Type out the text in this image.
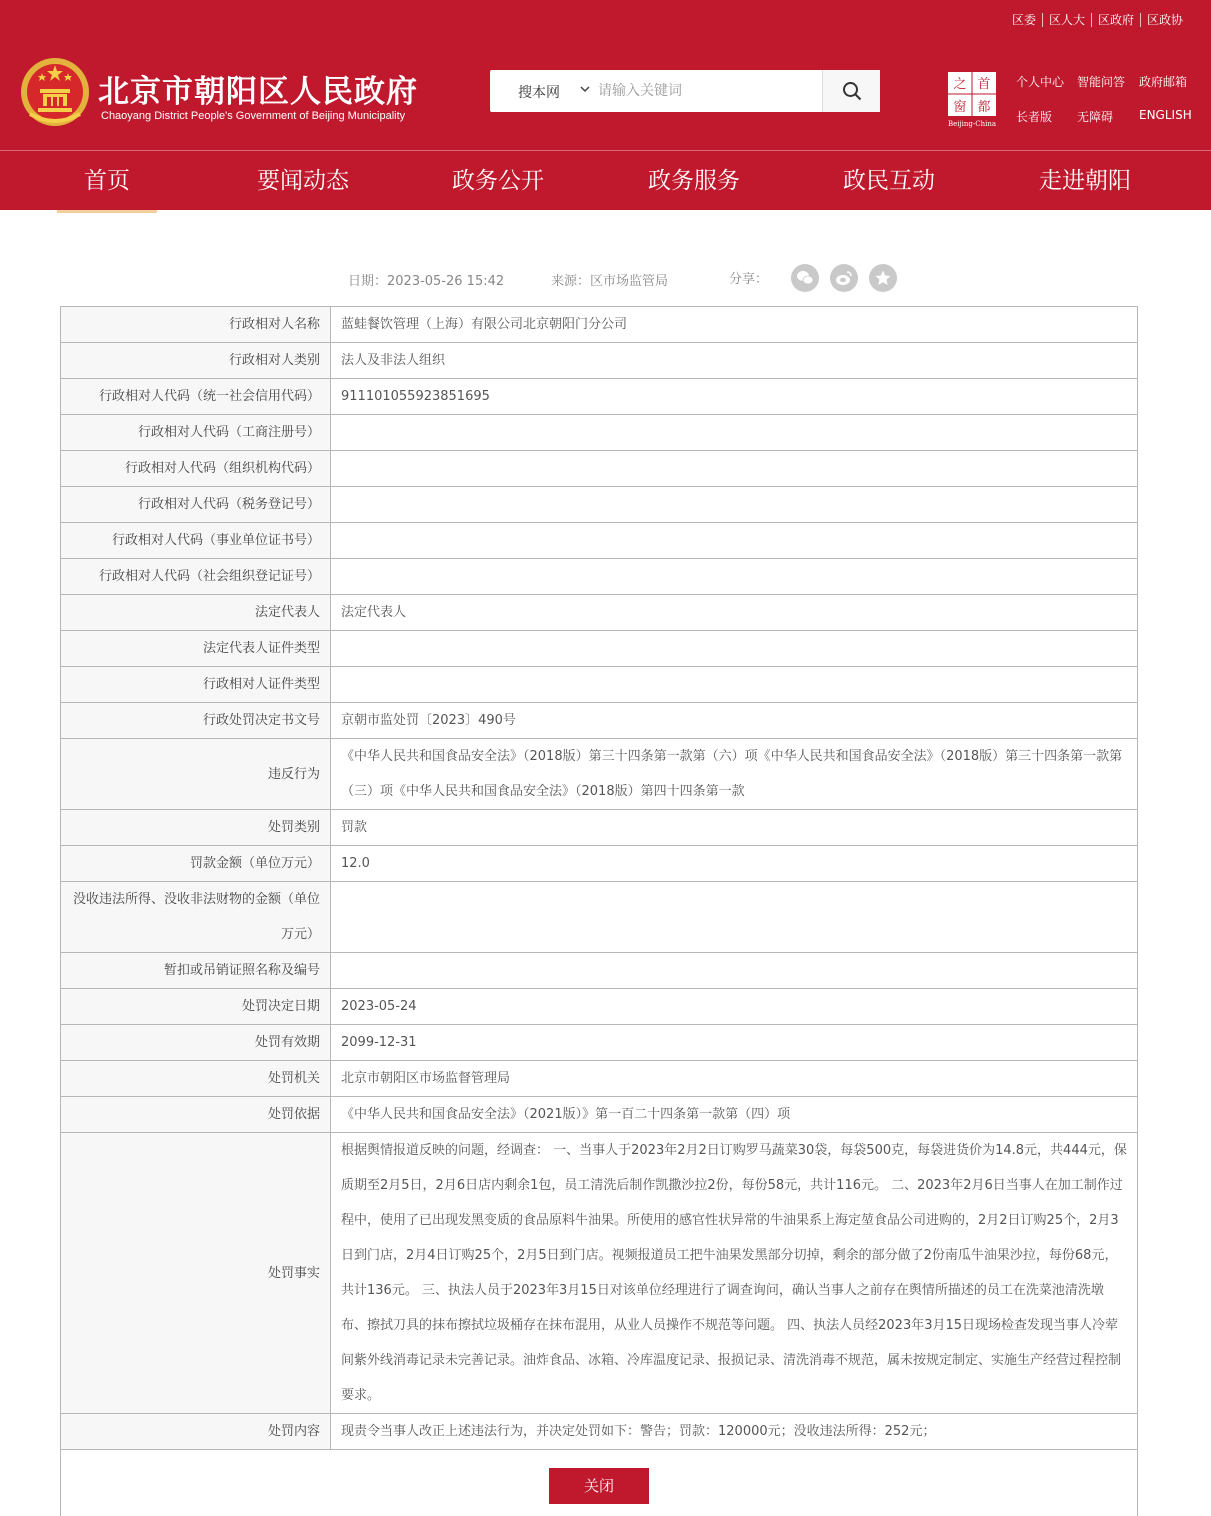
区委	区人大	区政府	区政协
北京市朝阳区人民政府
Chaoyang District People's Government of Beijing Municipality
搜本网
请输入关键词
首
都
之
窗
Beijing-China
个人中心 智能问答 政府邮箱
长者版 无障碍 ENGLISH
首页	要闻动态	政务公开	政务服务	政民互动	走进朝阳
日期：2023-05-26 15:42	来源：区市场监管局	分享：
行政相对人名称	蓝蛙餐饮管理（上海）有限公司北京朝阳门分公司
行政相对人类别	法人及非法人组织
行政相对人代码（统一社会信用代码）	91110105592385169​5
行政相对人代码（工商注册号）	
行政相对人代码（组织机构代码）	
行政相对人代码（税务登记号）	
行政相对人代码（事业单位证书号）	
行政相对人代码（社会组织登记证号）	
法定代表人	法定代表人
法定代表人证件类型	
行政相对人证件类型	
行政处罚决定书文号	京朝市监处罚〔2023〕490号
违反行为	《中华人民共和国食品安全法》（2018版）第三十四条第一款第（六）项《中华人民共和国食品安全法》（2018版）第三十四条第一款第（三）项《中华人民共和国食品安全法》（2018版）第四十四条第一款
处罚类别	罚款
罚款金额（单位万元）	12.0
没收违法所得、没收非法财物的金额（单位万元）	
暂扣或吊销证照名称及编号	
处罚决定日期	2023-05-24
处罚有效期	2099-12-31
处罚机关	北京市朝阳区市场监督管理局
处罚依据	《中华人民共和国食品安全法》（2021版）》第一百二十四条第一款第（四）项
处罚事实	根据舆情报道反映的问题，经调查： 一、当事人于2023年2月2日订购罗马蔬菜30袋，每袋500克，每袋进货价为14.8元，共444元，保质期至2月5日，2月6日店内剩余1包，员工清洗后制作凯撒沙拉2份，每份58元，共计116元。 二、2023年2月6日当事人在加工制作过程中，使用了已出现发黑变质的食品原料牛油果。所使用的感官性状异常的牛油果系上海定堃食品公司进购的，2月2日订购25个，2月3日到门店，2月4日订购25个，2月5日到门店。视频报道员工把牛油果发黑部分切掉，剩余的部分做了2份南瓜牛油果沙拉，每份68元，共计136元。 三、执法人员于2023年3月15日对该单位经理进行了调查询问，确认当事人之前存在舆情所描述的员工在洗菜池清洗墩布、擦拭刀具的抹布擦拭垃圾桶存在抹布混用，从业人员操作不规范等问题。 四、执法人员经2023年3月15日现场检查发现当事人冷荤间紫外线消毒记录未完善记录。油炸食品、冰箱、冷库温度记录、报损记录、清洗消毒不规范，属未按规定制定、实施生产经营过程控制要求。
处罚内容	现责令当事人改正上述违法行为，并决定处罚如下：警告；罚款：120000元；没收违法所得：252元；
关闭
